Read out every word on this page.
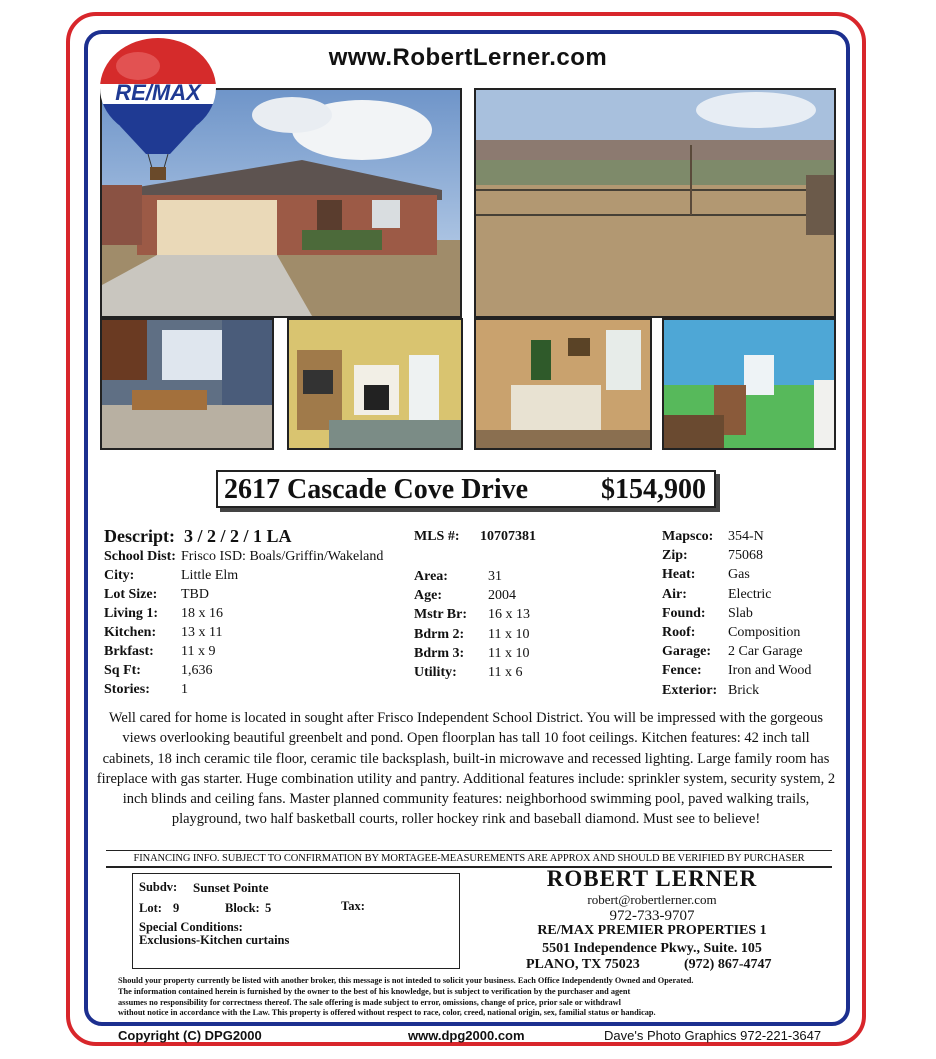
www.RobertLerner.com
RE/MAX
2617 Cascade Cove Drive	$154,900
Descript: 3 / 2 / 2 / 1 LA	MLS #: 10707381
School Dist: Frisco ISD: Boals/Griffin/Wakeland
City:	Little Elm
Lot Size: TBD
Living 1: 18 x 16
Kitchen: 13 x 11
Brkfast: 11 x 9
Sq Ft:	1,636
Stories: 1
Area:	31
Age:	2004
Mstr Br: 16 x 13
Bdrm 2: 11 x 10
Bdrm 3: 11 x 10
Utility: 11 x 6
Mapsco: 354-N
Zip:	75068
Heat: Gas
Air:	Electric
Found: Slab
Roof: Composition
Garage: 2 Car Garage
Fence: Iron and Wood
Exterior: Brick
Well cared for home is located in sought after Frisco Independent School District. You will be impressed with the gorgeous views overlooking beautiful greenbelt and pond. Open floorplan has tall 10 foot ceilings. Kitchen features: 42 inch tall cabinets, 18 inch ceramic tile floor, ceramic tile backsplash, built-in microwave and recessed lighting. Large family room has fireplace with gas starter. Huge combination utility and pantry. Additional features include: sprinkler system, security system, 2 inch blinds and ceiling fans. Master planned community features: neighborhood swimming pool, paved walking trails, playground, two half basketball courts, roller hockey rink and baseball diamond. Must see to believe!
FINANCING INFO. SUBJECT TO CONFIRMATION BY MORTAGEE-MEASUREMENTS ARE APPROX AND SHOULD BE VERIFIED BY PURCHASER
Subdv: Sunset Pointe
Lot: 9	Block: 5	Tax:
Special Conditions:
Exclusions-Kitchen curtains
ROBERT LERNER
robert@robertlerner.com
972-733-9707
RE/MAX PREMIER PROPERTIES 1
5501 Independence Pkwy., Suite. 105
PLANO, TX 75023	(972) 867-4747
Should your property currently be listed with another broker, this message is not inteded to solicit your business. Each Office Independently Owned and Operated.
The information contained herein is furnished by the owner to the best of his knowledge, but is subject to verification by the purchaser and agent
assumes no responsibility for correctness thereof. The sale offering is made subject to error, omissions, change of price, prior sale or withdrawl
without notice in accordance with the Law. This property is offered without respect to race, color, creed, national origin, sex, familial status or handicap.
Copyright (C) DPG2000	www.dpg2000.com	Dave's Photo Graphics 972-221-3647
